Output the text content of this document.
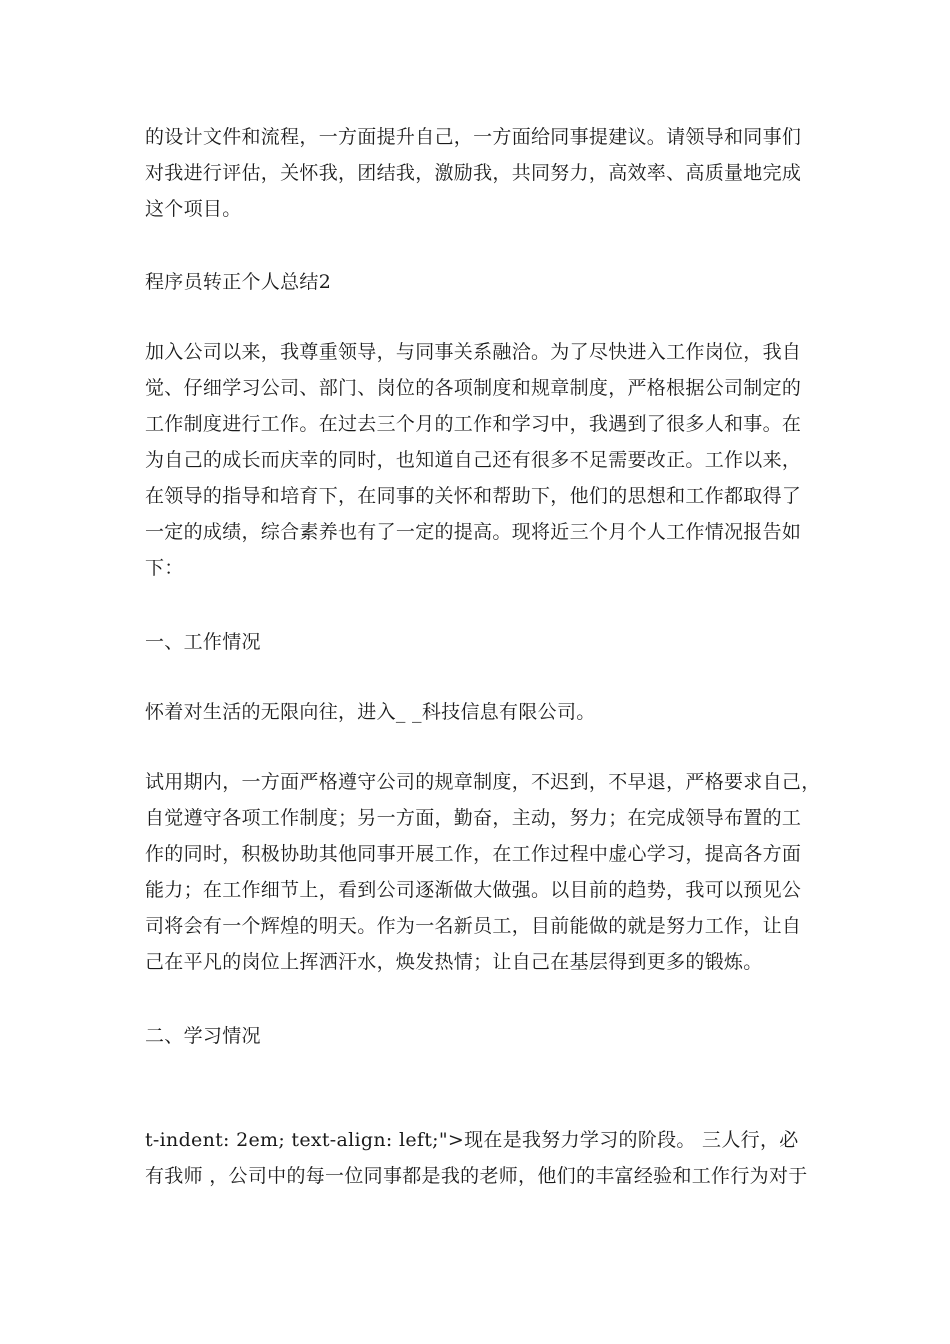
的设计文件和流程，一方面提升自己，一方面给同事提建议。请领导和同事们
对我进行评估，关怀我，团结我，激励我，共同努力，高效率、高质量地完成
这个项目。
程序员转正个人总结2
加入公司以来，我尊重领导，与同事关系融洽。为了尽快进入工作岗位，我自
觉、仔细学习公司、部门、岗位的各项制度和规章制度，严格根据公司制定的
工作制度进行工作。在过去三个月的工作和学习中，我遇到了很多人和事。在
为自己的成长而庆幸的同时，也知道自己还有很多不足需要改正。工作以来，
在领导的指导和培育下，在同事的关怀和帮助下，他们的思想和工作都取得了
一定的成绩，综合素养也有了一定的提高。现将近三个月个人工作情况报告如
下：
一、工作情况
怀着对生活的无限向往，进入_ _科技信息有限公司。
试用期内，一方面严格遵守公司的规章制度，不迟到，不早退，严格要求自己，
自觉遵守各项工作制度；另一方面，勤奋，主动，努力；在完成领导布置的工
作的同时，积极协助其他同事开展工作，在工作过程中虚心学习，提高各方面
能力；在工作细节上，看到公司逐渐做大做强。以目前的趋势，我可以预见公
司将会有一个辉煌的明天。作为一名新员工，目前能做的就是努力工作，让自
己在平凡的岗位上挥洒汗水，焕发热情；让自己在基层得到更多的锻炼。
二、学习情况
t-indent: 2em; text-align: left;">现在是我努力学习的阶段。 三人行，必
有我师 ，公司中的每一位同事都是我的老师，他们的丰富经验和工作行为对于
